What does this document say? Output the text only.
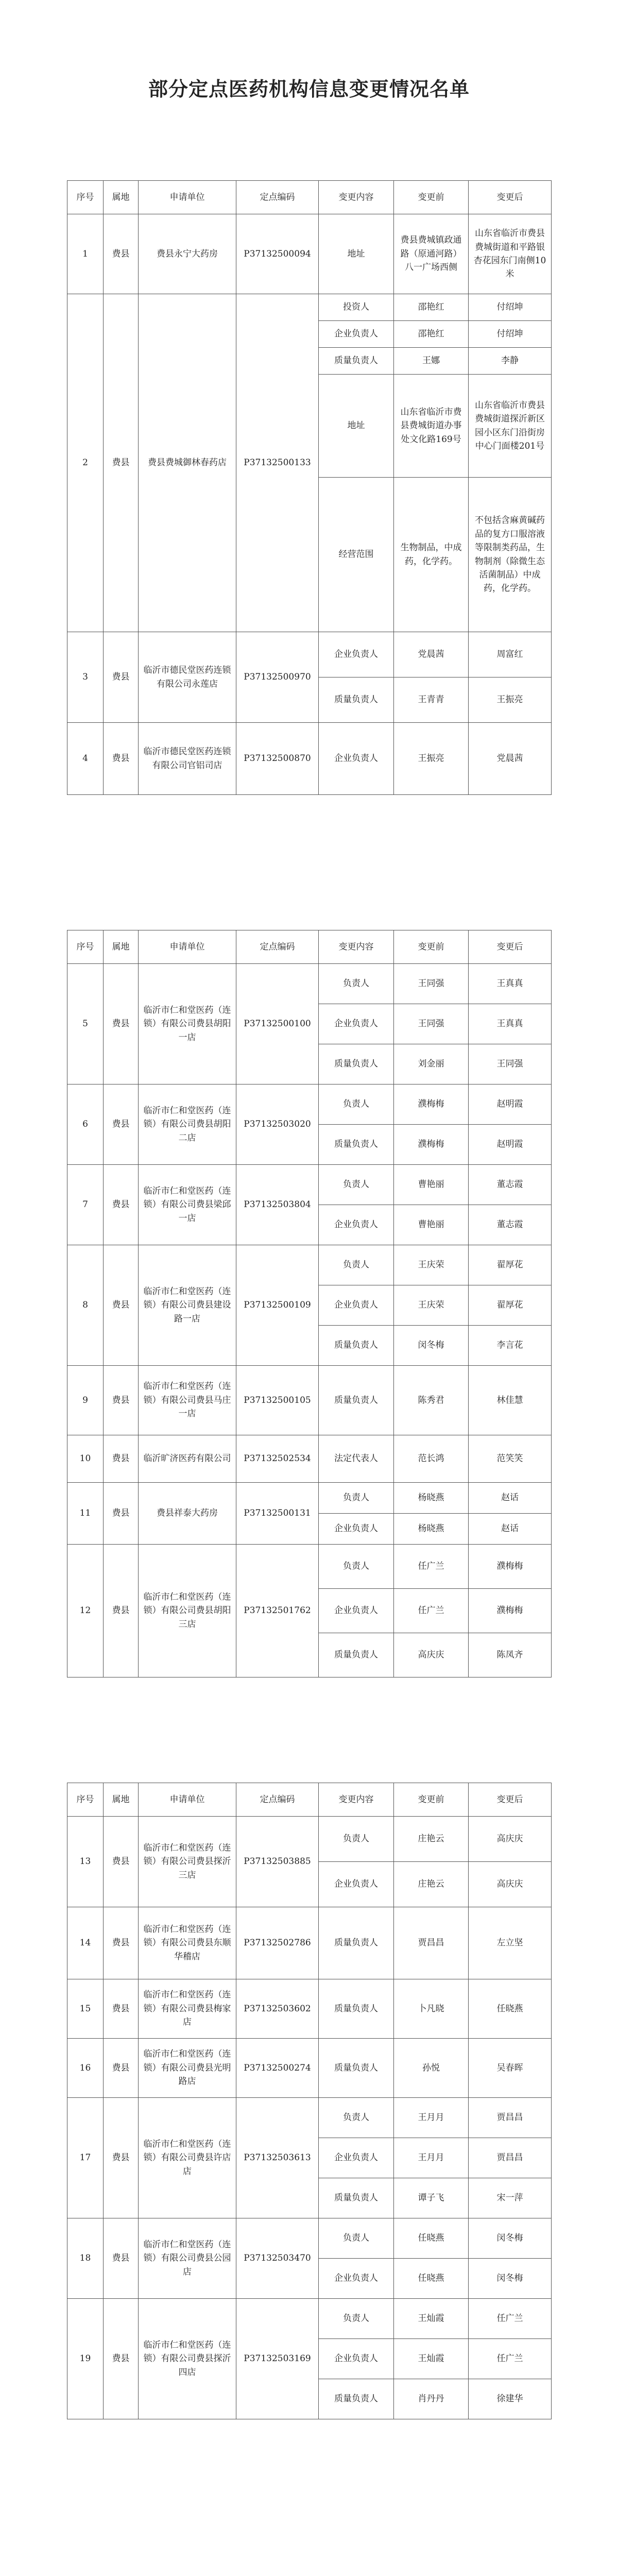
部分定点医药机构信息变更情况名单
序号	属地	申请单位	定点编码	变更内容	变更前	变更后
1	费县	费县永宁大药房	P37132500094	地址	费县费城镇政通路（原通河路）八一广场西侧	山东省临沂市费县费城街道和平路银杏花园东门南侧10米
2	费县	费县费城御林春药店	P37132500133	投资人	邵艳红	付绍坤
				企业负责人	邵艳红	付绍坤
				质量负责人	王娜	李静
				地址	山东省临沂市费县费城街道办事处文化路169号	山东省临沂市费县费城街道探沂新区园小区东门沿街房中心门面楼201号
				经营范围	生物制品，中成药，化学药。	不包括含麻黄碱药品的复方口服溶液等限制类药品，生物制剂（除微生态活菌制品）中成药，化学药。
3	费县	临沂市德民堂医药连锁有限公司永莲店	P37132500970	企业负责人	党晨茜	周富红
				质量负责人	王青青	王振亮
4	费县	临沂市德民堂医药连锁有限公司官铝司店	P37132500870	企业负责人	王振亮	党晨茜
序号	属地	申请单位	定点编码	变更内容	变更前	变更后
5	费县	临沂市仁和堂医药（连锁）有限公司费县胡阳一店	P37132500100	负责人	王同强	王真真
				企业负责人	王同强	王真真
				质量负责人	刘金丽	王同强
6	费县	临沂市仁和堂医药（连锁）有限公司费县胡阳二店	P37132503020	负责人	濮梅梅	赵明霞
				质量负责人	濮梅梅	赵明霞
7	费县	临沂市仁和堂医药（连锁）有限公司费县梁邱一店	P37132503804	负责人	曹艳丽	董志霞
				企业负责人	曹艳丽	董志霞
8	费县	临沂市仁和堂医药（连锁）有限公司费县建设路一店	P37132500109	负责人	王庆荣	翟厚花
				企业负责人	王庆荣	翟厚花
				质量负责人	闵冬梅	李言花
9	费县	临沂市仁和堂医药（连锁）有限公司费县马庄一店	P37132500105	质量负责人	陈秀君	林佳慧
10	费县	临沂旷济医药有限公司	P37132502534	法定代表人	范长鸿	范笑笑
11	费县	费县祥泰大药房	P37132500131	负责人	杨晓燕	赵话
				企业负责人	杨晓燕	赵话
12	费县	临沂市仁和堂医药（连锁）有限公司费县胡阳三店	P37132501762	负责人	任广兰	濮梅梅
				企业负责人	任广兰	濮梅梅
				质量负责人	高庆庆	陈凤齐
序号	属地	申请单位	定点编码	变更内容	变更前	变更后
13	费县	临沂市仁和堂医药（连锁）有限公司费县探沂三店	P37132503885	负责人	庄艳云	高庆庆
				企业负责人	庄艳云	高庆庆
14	费县	临沂市仁和堂医药（连锁）有限公司费县东顺华稽店	P37132502786	质量负责人	贾昌昌	左立坚
15	费县	临沂市仁和堂医药（连锁）有限公司费县梅家店	P37132503602	质量负责人	卜凡晓	任晓燕
16	费县	临沂市仁和堂医药（连锁）有限公司费县光明路店	P37132500274	质量负责人	孙悦	吴春晖
17	费县	临沂市仁和堂医药（连锁）有限公司费县许店店	P37132503613	负责人	王月月	贾昌昌
				企业负责人	王月月	贾昌昌
				质量负责人	谭子飞	宋一萍
18	费县	临沂市仁和堂医药（连锁）有限公司费县公园店	P37132503470	负责人	任晓燕	闵冬梅
				企业负责人	任晓燕	闵冬梅
19	费县	临沂市仁和堂医药（连锁）有限公司费县探沂四店	P37132503169	负责人	王灿霞	任广兰
				企业负责人	王灿霞	任广兰
				质量负责人	肖丹丹	徐建华
